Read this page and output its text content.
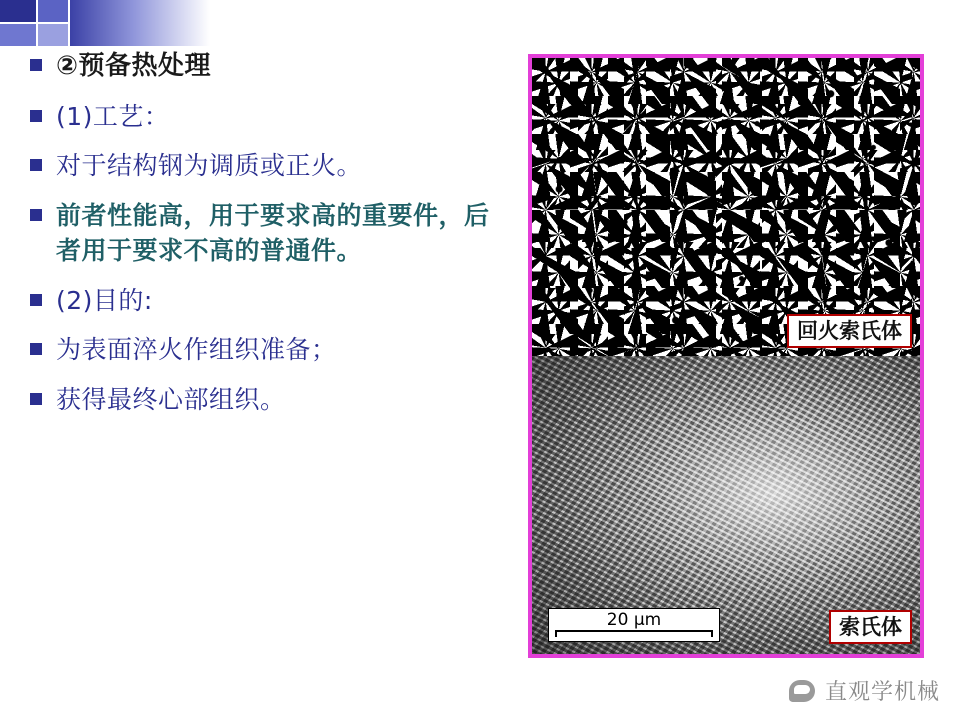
②预备热处理
(1)工艺：
对于结构钢为调质或正火。
前者性能高，用于要求高的重要件，后者用于要求不高的普通件。
(2)目的:
为表面淬火作组织准备；
获得最终心部组织。
回火索氏体
索氏体
20 μm
直观学机械
